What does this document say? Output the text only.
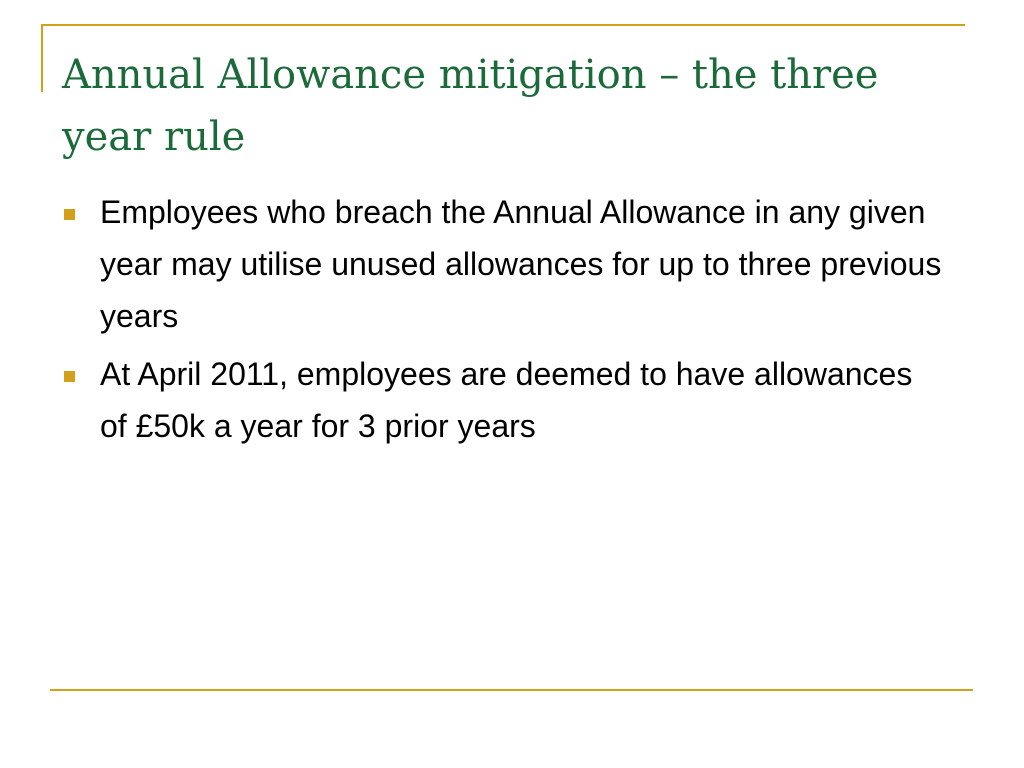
Annual Allowance mitigation – the three year rule
Employees who breach the Annual Allowance in any given year may utilise unused allowances for up to three previous years
At April 2011, employees are deemed to have allowances of £50k a year for 3 prior years
